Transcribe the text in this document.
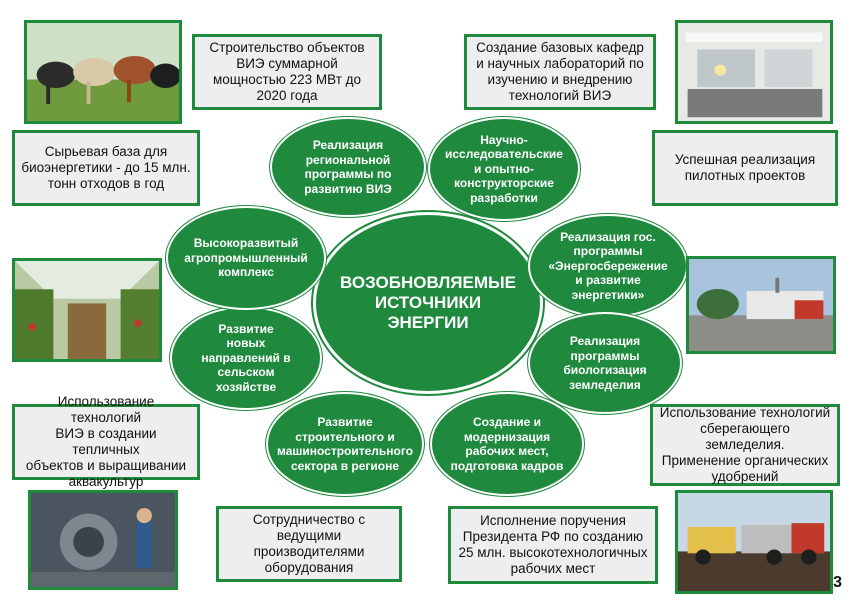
ВОЗОБНОВЛЯЕМЫЕ
ИСТОЧНИКИ
ЭНЕРГИИ
Реализация
региональной
программы по
развитию ВИЭ
Научно-
исследовательские
и опытно-
конструкторские
разработки
Реализация гос.
программы
«Энергосбережение
и развитие
энергетики»
Реализация
программы
биологизация
земледелия
Создание и
модернизация
рабочих мест,
подготовка кадров
Развитие
строительного и
машиностроительного
сектора в регионе
Развитие
новых
направлений в
сельском
хозяйстве
Высокоразвитый
агропромышленный
комплекс
Строительство объектов
ВИЭ суммарной
мощностью 223 МВт до
2020 года
Создание базовых кафедр
и научных лабораторий по
изучению и внедрению
технологий ВИЭ
Сырьевая база для
биоэнергетики - до 15 млн.
тонн отходов в год
Успешная реализация
пилотных проектов
Использование технологий
ВИЭ в создании тепличных
объектов и выращивании
аквакультур
Использование технологий
сберегающего земледелия.
Применение органических
удобрений
Сотрудничество с
ведущими
производителями
оборудования
Исполнение поручения
Президента РФ по созданию
25 млн. высокотехнологичных
рабочих мест
3
